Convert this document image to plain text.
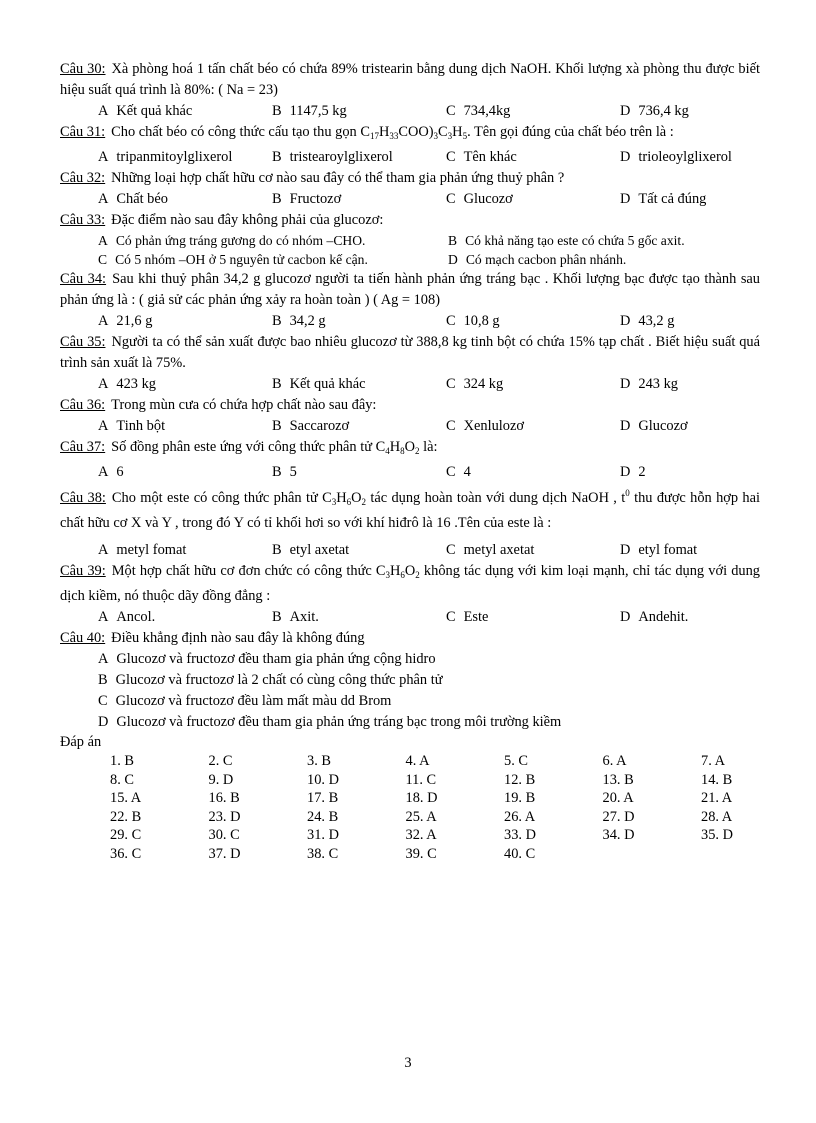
Câu 30: Xà phòng hoá 1 tấn chất béo có chứa 89% tristearin bằng dung dịch NaOH. Khối lượng xà phòng thu được biết hiệu suất quá trình là 80%: ( Na = 23)
A Kết quả khác	B 1147,5 kg	C 734,4kg	D 736,4 kg
Câu 31: Cho chất béo có công thức cấu tạo thu gọn $C_{17}H_{33}COO)_3C_3H_5$. Tên gọi đúng của chất béo trên là :
A tripanmitoylglixerol	B tristearoylglixerol	C Tên khác	D trioleoylglixerol
Câu 32: Những loại hợp chất hữu cơ nào sau đây có thể tham gia phản ứng thuỷ phân ?
A Chất béo	B Fructozơ	C Glucozơ	D Tất cả đúng
Câu 33: Đặc điểm nào sau đây không phải của glucozơ:
A Có phản ứng tráng gương do có nhóm –CHO.	B Có khả năng tạo este có chứa 5 gốc axit.
C Có 5 nhóm –OH ở 5 nguyên tử cacbon kế cận.	D Có mạch cacbon phân nhánh.
Câu 34: Sau khi thuỷ phân 34,2 g glucozơ người ta tiến hành phản ứng tráng bạc . Khối lượng bạc được tạo thành sau phản ứng là : ( giả sử các phản ứng xảy ra hoàn toàn ) ( Ag = 108)
A 21,6 g	B 34,2 g	C 10,8 g	D 43,2 g
Câu 35: Người ta có thể sản xuất được bao nhiêu glucozơ từ 388,8 kg tinh bột có chứa 15% tạp chất . Biết hiệu suất quá trình sản xuất là 75%.
A 423 kg	B Kết quả khác	C 324 kg	D 243 kg
Câu 36: Trong mùn cưa có chứa hợp chất nào sau đây:
A Tinh bột	B Saccarozơ	C Xenlulozơ	D Glucozơ
Câu 37: Số đồng phân este ứng với công thức phân tử $C_4H_8O_2$ là:
A 6	B 5	C 4	D 2
Câu 38: Cho một este có công thức phân tử $C_3H_6O_2$ tác dụng hoàn toàn với dung dịch NaOH , $t^0$ thu được hỗn hợp hai chất hữu cơ X và Y , trong đó Y có tỉ khối hơi so với khí hiđrô là 16 .Tên của este là :
A metyl fomat	B etyl axetat	C metyl axetat	D etyl fomat
Câu 39: Một hợp chất hữu cơ đơn chức có công thức $C_3H_6O_2$ không tác dụng với kim loại mạnh, chỉ tác dụng với dung dịch kiềm, nó thuộc dãy đồng đẳng :
A Ancol.	B Axit.	C Este	D Andehit.
Câu 40: Điều khẳng định nào sau đây là không đúng
A Glucozơ và fructozơ đều tham gia phản ứng cộng hidro
B Glucozơ và fructozơ là 2 chất có cùng công thức phân tử
C Glucozơ và fructozơ đều làm mất màu dd Brom
D Glucozơ và fructozơ đều tham gia phản ứng tráng bạc trong môi trường kiềm
Đáp án
1. B	2. C	3. B	4. A	5. C	6. A	7. A
8. C	9. D	10. D	11. C	12. B	13. B	14. B
15. A	16. B	17. B	18. D	19. B	20. A	21. A
22. B	23. D	24. B	25. A	26. A	27. D	28. A
29. C	30. C	31. D	32. A	33. D	34. D	35. D
36. C	37. D	38. C	39. C	40. C
3
